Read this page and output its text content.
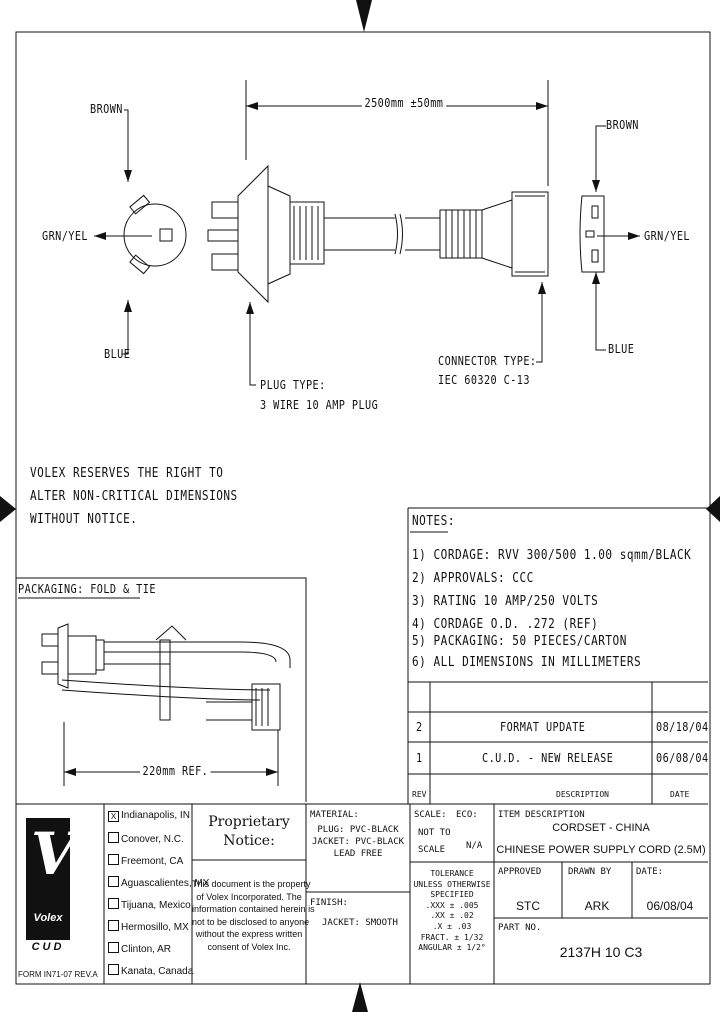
BROWN
GRN/YEL
BLUE
2500mm ±50mm
BROWN
GRN/YEL
BLUE
CONNECTOR TYPE:
IEC 60320 C-13
PLUG TYPE:
3 WIRE 10 AMP PLUG
VOLEX RESERVES THE RIGHT TO
ALTER NON-CRITICAL DIMENSIONS
WITHOUT NOTICE.
PACKAGING: FOLD & TIE
220mm REF.
NOTES:
1) CORDAGE: RVV 300/500 1.00 sqmm/BLACK
2) APPROVALS: CCC
3) RATING 10 AMP/250 VOLTS
4) CORDAGE O.D. .272 (REF)
5) PACKAGING: 50 PIECES/CARTON
6) ALL DIMENSIONS IN MILLIMETERS
2	FORMAT UPDATE	08/18/04
1	C.U.D. - NEW RELEASE	06/08/04
REV	DESCRIPTION	DATE
V
Volex
CUD
FORM IN71-07 REV.A
X Indianapolis, IN
Conover, N.C.
Freemont, CA
Aguascalientes, MX
Tijuana, Mexico
Hermosillo, MX
Clinton, AR
Kanata, Canada
Proprietary
Notice:
This document is the property
of Volex Incorporated. The
information contained herein is
not to be disclosed to anyone
without the express written
consent of Volex Inc.
MATERIAL:
PLUG: PVC-BLACK
JACKET: PVC-BLACK
LEAD FREE
FINISH:
JACKET: SMOOTH
SCALE: ECO:
NOT TO
SCALE N/A
TOLERANCE
UNLESS OTHERWISE
SPECIFIED
.XXX ± .005
.XX ± .02
.X ± .03
FRACT. ± 1/32
ANGULAR ± 1/2°
ITEM DESCRIPTION
CORDSET - CHINA
CHINESE POWER SUPPLY CORD (2.5M)
APPROVED	DRAWN BY	DATE:
STC	ARK	06/08/04
PART NO.
2137H 10 C3
